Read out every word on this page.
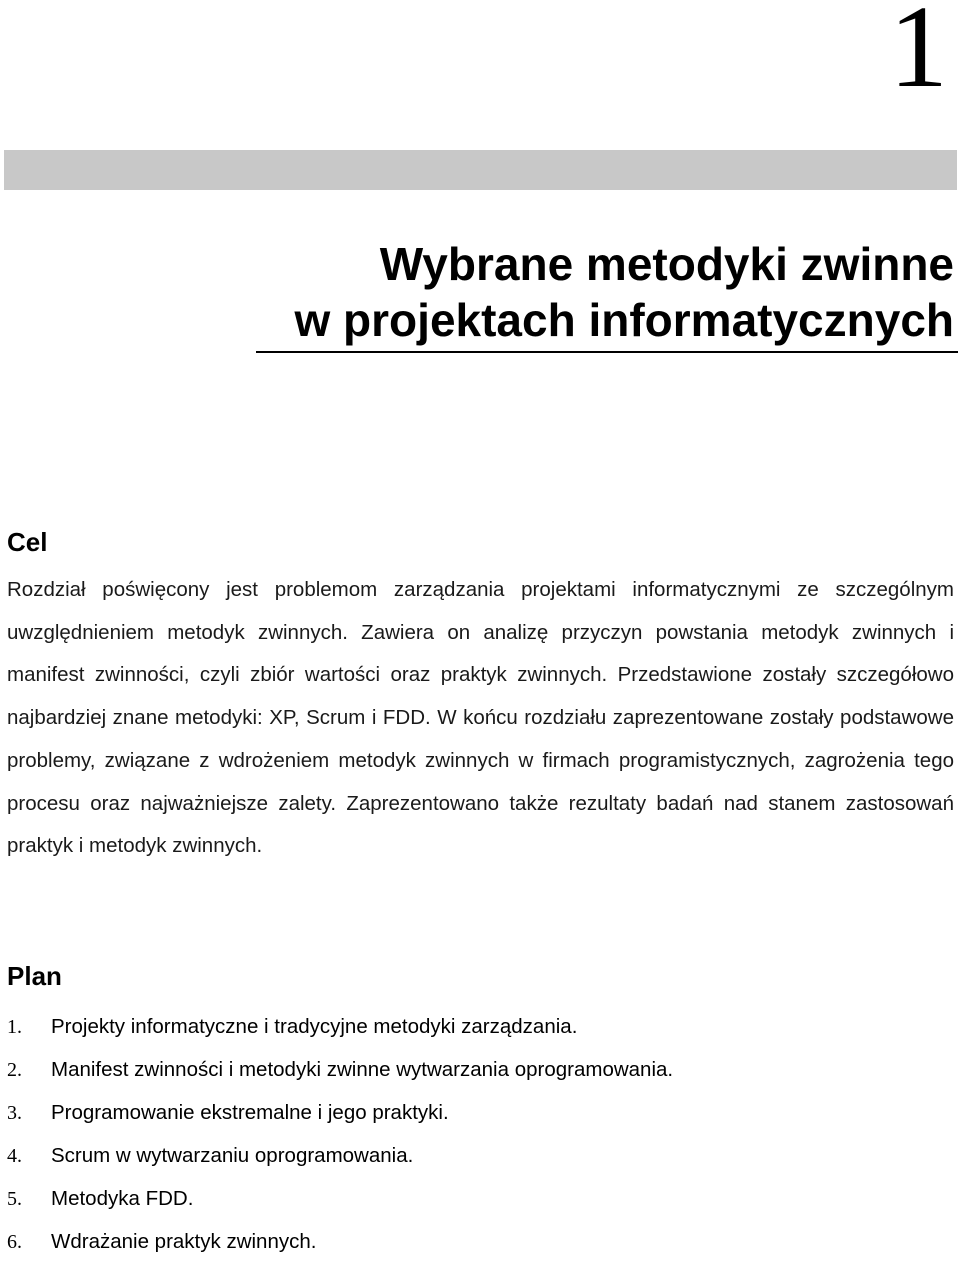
1
Wybrane metodyki zwinne
w projektach informatycznych
Cel

Rozdział poświęcony jest problemom zarządzania projektami informatycznymi ze szczególnym uwzględnieniem metodyk zwinnych. Zawiera on analizę przyczyn powstania metodyk zwinnych i manifest zwinności, czyli zbiór wartości oraz praktyk zwinnych. Przedstawione zostały szczegółowo najbardziej znane metodyki: XP, Scrum i FDD. W końcu rozdziału zaprezentowane zostały podstawowe problemy, związane z wdrożeniem metodyk zwinnych w firmach programistycznych, zagrożenia tego procesu oraz najważniejsze zalety. Zaprezentowano także rezultaty badań nad stanem zastosowań praktyk i metodyk zwinnych.

Plan
1.	Projekty informatyczne i tradycyjne metodyki zarządzania.
2.	Manifest zwinności i metodyki zwinne wytwarzania oprogramowania.
3.	Programowanie ekstremalne i jego praktyki.
4.	Scrum w wytwarzaniu oprogramowania.
5.	Metodyka FDD.
6.	Wdrażanie praktyk zwinnych.
